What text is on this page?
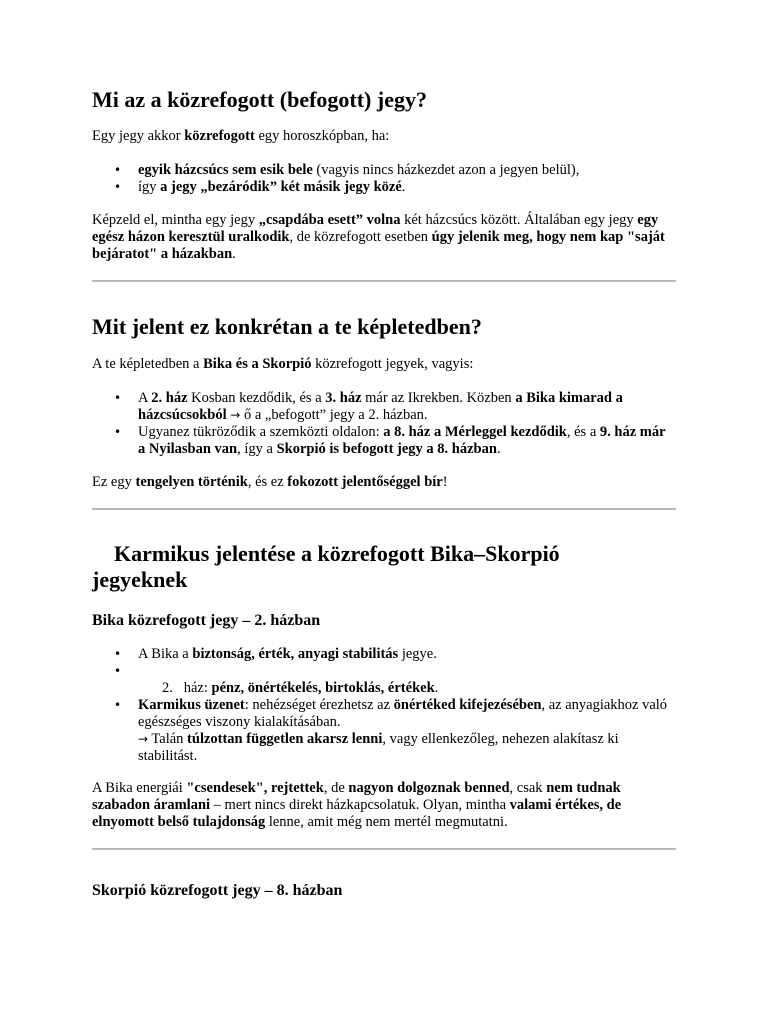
Mi az a közrefogott (befogott) jegy?

Egy jegy akkor közrefogott egy horoszkópban, ha:

• egyik házcsúcs sem esik bele (vagyis nincs házkezdet azon a jegyen belül),
• így a jegy „bezáródik” két másik jegy közé.

Képzeld el, mintha egy jegy „csapdába esett” volna két házcsúcs között. Általában egy jegy egy egész házon keresztül uralkodik, de közrefogott esetben úgy jelenik meg, hogy nem kap "saját bejáratot" a házakban.

Mit jelent ez konkrétan a te képletedben?

A te képletedben a Bika és a Skorpió közrefogott jegyek, vagyis:

• A 2. ház Kosban kezdődik, és a 3. ház már az Ikrekben. Közben a Bika kimarad a házcsúcsokból → ő a „befogott” jegy a 2. házban.
• Ugyanez tükröződik a szemközti oldalon: a 8. ház a Mérleggel kezdődik, és a 9. ház már a Nyilasban van, így a Skorpió is befogott jegy a 8. házban.

Ez egy tengelyen történik, és ez fokozott jelentőséggel bír!

Karmikus jelentése a közrefogott Bika–Skorpió jegyeknek
Bika közrefogott jegy – 2. házban
• A Bika a biztonság, érték, anyagi stabilitás jegye.
•

2. ház: pénz, önértékelés, birtoklás, értékek.

• Karmikus üzenet: nehézséget érezhetsz az önértéked kifejezésében, az anyagiakhoz való egészséges viszony kialakításában.
→ Talán túlzottan független akarsz lenni, vagy ellenkezőleg, nehezen alakítasz ki stabilitást.

A Bika energiái "csendesek", rejtettek, de nagyon dolgoznak benned, csak nem tudnak szabadon áramlani – mert nincs direkt házkapcsolatuk. Olyan, mintha valami értékes, de elnyomott belső tulajdonság lenne, amit még nem mertél megmutatni.

Skorpió közrefogott jegy – 8. házban
